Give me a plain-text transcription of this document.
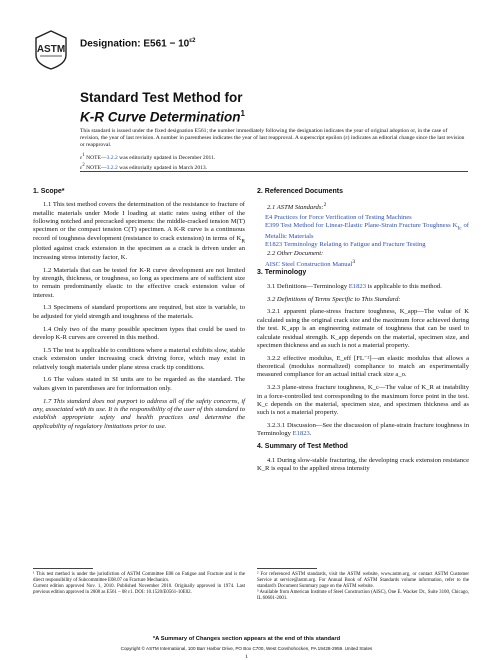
ASTM
Designation: $E561 - 10^{\varepsilon 2}$
Standard Test Method for
K-R Curve Determination$^1$
This standard is issued under the fixed designation E561; the number immediately following the designation indicates the year of original adoption or, in the case of revision, the year of last revision. A number in parentheses indicates the year of last reapproval. A superscript epsilon (ε) indicates an editorial change since the last revision or reapproval.
$\varepsilon^1$ NOTE—3.2.2 was editorially updated in December 2011.
$\varepsilon^2$ NOTE—3.2.2 was editorially updated in March 2013.
1. Scope*

1.1 This test method covers the determination of the resistance to fracture of metallic materials under Mode I loading at static rates using either of the following notched and precracked specimens: the middle-cracked tension M(T) specimen or the compact tension C(T) specimen. A K-R curve is a continuous record of toughness development (resistance to crack extension) in terms of $K_R$ plotted against crack extension in the specimen as a crack is driven under an increasing stress intensity factor, K.

1.2 Materials that can be tested for K-R curve development are not limited by strength, thickness, or toughness, so long as specimens are of sufficient size to remain predominantly elastic to the effective crack extension value of interest.

1.3 Specimens of standard proportions are required, but size is variable, to be adjusted for yield strength and toughness of the materials.

1.4 Only two of the many possible specimen types that could be used to develop K-R curves are covered in this method.

1.5 The test is applicable to conditions where a material exhibits slow, stable crack extension under increasing crack driving force, which may exist in relatively tough materials under plane stress crack tip conditions.

1.6 The values stated in SI units are to be regarded as the standard. The values given in parentheses are for information only.

1.7 This standard does not purport to address all of the safety concerns, if any, associated with its use. It is the responsibility of the user of this standard to establish appropriate safety and health practices and determine the applicability of regulatory limitations prior to use.

2. Referenced Documents

2.1 ASTM Standards:$^2$

E4 Practices for Force Verification of Testing Machines

E399 Test Method for Linear-Elastic Plane-Strain Fracture Toughness $K_{Ic}$ of Metallic Materials

E1823 Terminology Relating to Fatigue and Fracture Testing

2.2 Other Document:

AISC Steel Construction Manual$^3$

3. Terminology

3.1 Definitions—Terminology E1823 is applicable to this method.

3.2 Definitions of Terms Specific to This Standard:

3.2.1 apparent plane-stress fracture toughness, K_app—The value of K calculated using the original crack size and the maximum force achieved during the test. K_app is an engineering estimate of toughness that can be used to calculate residual strength. K_app depends on the material, specimen size, and specimen thickness and as such is not a material property.

3.2.2 effective modulus, E_eff [FL⁻²]—an elastic modulus that allows a theoretical (modulus normalized) compliance to match an experimentally measured compliance for an actual initial crack size a_o.

3.2.3 plane-stress fracture toughness, K_c—The value of K_R at instability in a force-controlled test corresponding to the maximum force point in the test. K_c depends on the material, specimen size, and specimen thickness and as such is not a material property.

3.2.3.1 Discussion—See the discussion of plane-strain fracture toughness in Terminology E1823.

4. Summary of Test Method

4.1 During slow-stable fracturing, the developing crack extension resistance K_R is equal to the applied stress intensity

¹ This test method is under the jurisdiction of ASTM Committee E08 on Fatigue and Fracture and is the direct responsibility of Subcommittee E08.07 on Fracture Mechanics.
Current edition approved Nov. 1, 2010. Published November 2010. Originally approved in 1974. Last previous edition approved in 2008 as E561 – 08 ε1. DOI: 10.1520/E0561-10E02.
² For referenced ASTM standards, visit the ASTM website, www.astm.org, or contact ASTM Customer Service at service@astm.org. For Annual Book of ASTM Standards volume information, refer to the standard's Document Summary page on the ASTM website.
³ Available from American Institute of Steel Construction (AISC), One E. Wacker Dr., Suite 3100, Chicago, IL 60601-2001.
*A Summary of Changes section appears at the end of this standard
Copyright © ASTM International, 100 Barr Harbor Drive, PO Box C700, West Conshohocken, PA 19428-2959. United States
1
